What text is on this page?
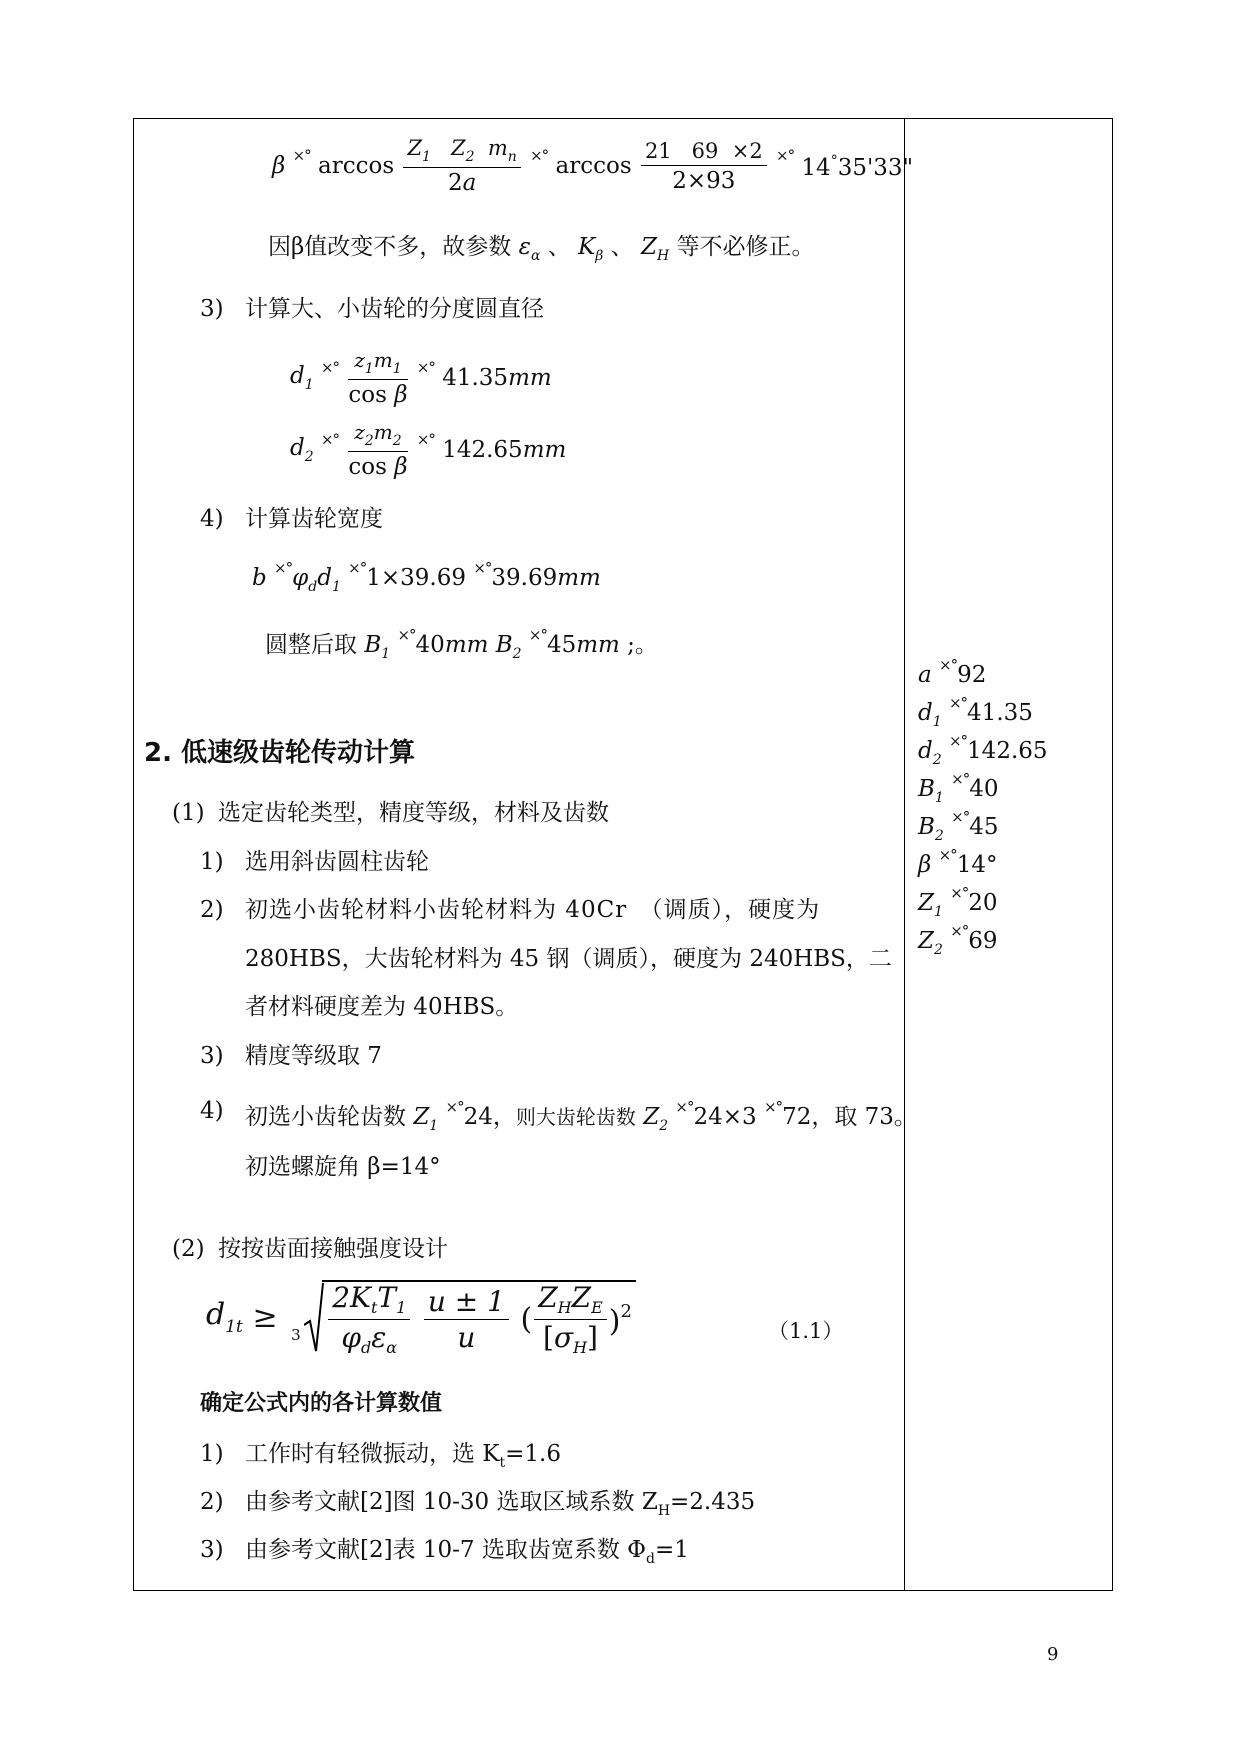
β ×° $\arccos \frac{Z_1 Z_2 m_n}{2a} ^{\times^\circ}$ $\arccos \frac{21 69 \times 2}{2\times 93} ^{\times^\circ}$ 14°35'33"
因β值改变不多，故参数 $\varepsilon_\alpha$ 、 $K_\beta$ 、 $Z_H$ 等不必修正。
3) 计算大、小齿轮的分度圆直径
$d_1$ $^{\times^\circ} \frac{z_1m_1}{\text{cos β}} ^{\times^\circ}$ 41.35mm
$d_2$ $^{\times^\circ} \frac{z_2m_2}{\text{cos β}} ^{\times^\circ}$ 142.65mm
4) 计算齿轮宽度
b $^{\times^\circ}\varphi_dd_1$ ×°1×39.69 ×°39.69mm
圆整后取 $B_1$ ×°40mm $B_2$ ×°45mm ;。
2. 低速级齿轮传动计算
(1) 选定齿轮类型，精度等级，材料及齿数
1) 选用斜齿圆柱齿轮
2) 初选小齿轮材料小齿轮材料为 40Cr　（调质），硬度为
280HBS，大齿轮材料为 45 钢（调质），硬度为 240HBS，二
者材料硬度差为 40HBS。
3) 精度等级取 7
4) 初选小齿轮齿数 $Z_1$ ×°24，则大齿轮齿数 $Z_2$ ×°24×3 ×°72，取 73。
初选螺旋角 β=14°
(2) 按按齿面接触强度设计
$d_{1t} \ge _3 \frac{2K_tT_1}{\varphi_d\varepsilon_\alpha}$
$\frac{u \pm 1}{u}$ ( $\frac{Z_HZ_E}{[\sigma_H]} )^2$
（1.1）
确定公式内的各计算数值
1) 工作时有轻微振动，选 $K_t=1.6$
2) 由参考文献[2]图 10-30 选取区域系数 $Z_H=2.435$
3) 由参考文献[2]表 10-7 选取齿宽系数 $\Phi_d=1$
a ×°92
$d_1$ ×°41.35
$d_2$ ×°142.65
$B_1$ ×°40
$B_2$ ×°45
β ×°14°
$Z_1$ ×°20
$Z_2$ ×°69
9
